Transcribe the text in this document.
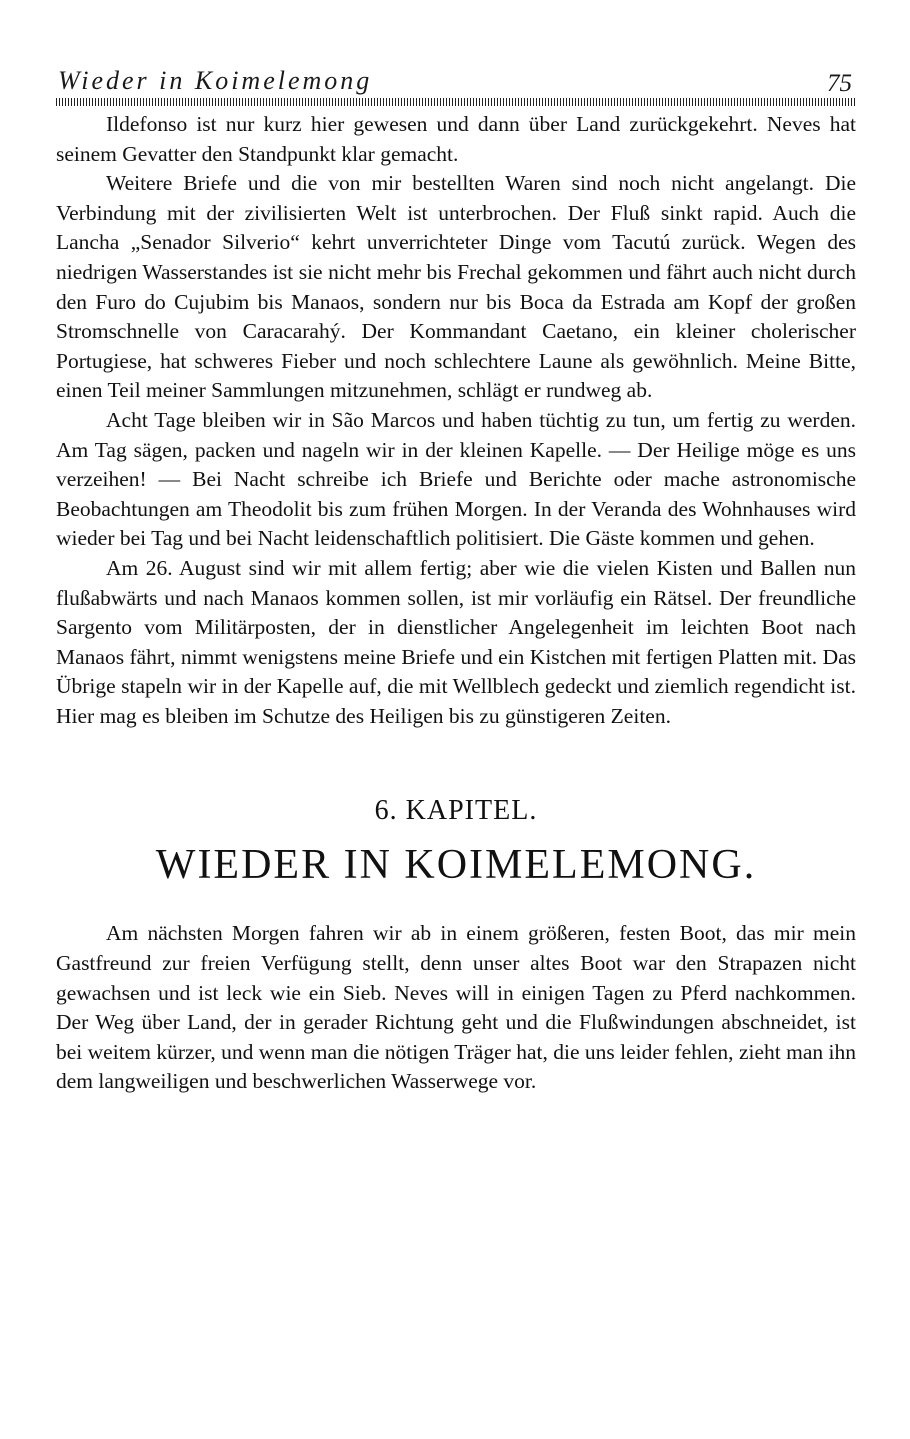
Wieder in Koimelemong	75

Ildefonso ist nur kurz hier gewesen und dann über Land zurückgekehrt. Neves hat seinem Gevatter den Standpunkt klar gemacht.

Weitere Briefe und die von mir bestellten Waren sind noch nicht angelangt. Die Verbindung mit der zivilisierten Welt ist unterbrochen. Der Fluß sinkt rapid. Auch die Lancha „Senador Silverio“ kehrt unverrichteter Dinge vom Tacutú zurück. Wegen des niedrigen Wasserstandes ist sie nicht mehr bis Frechal gekommen und fährt auch nicht durch den Furo do Cujubim bis Manaos, sondern nur bis Boca da Estrada am Kopf der großen Stromschnelle von Caracarahý. Der Kommandant Caetano, ein kleiner cholerischer Portugiese, hat schweres Fieber und noch schlechtere Laune als gewöhnlich. Meine Bitte, einen Teil meiner Sammlungen mitzunehmen, schlägt er rundweg ab.

Acht Tage bleiben wir in São Marcos und haben tüchtig zu tun, um fertig zu werden. Am Tag sägen, packen und nageln wir in der kleinen Kapelle. — Der Heilige möge es uns verzeihen! — Bei Nacht schreibe ich Briefe und Berichte oder mache astronomische Beobachtungen am Theodolit bis zum frühen Morgen. In der Veranda des Wohnhauses wird wieder bei Tag und bei Nacht leidenschaftlich politisiert. Die Gäste kommen und gehen.

Am 26. August sind wir mit allem fertig; aber wie die vielen Kisten und Ballen nun flußabwärts und nach Manaos kommen sollen, ist mir vorläufig ein Rätsel. Der freundliche Sargento vom Militärposten, der in dienstlicher Angelegenheit im leichten Boot nach Manaos fährt, nimmt wenigstens meine Briefe und ein Kistchen mit fertigen Platten mit. Das Übrige stapeln wir in der Kapelle auf, die mit Wellblech gedeckt und ziemlich regendicht ist. Hier mag es bleiben im Schutze des Heiligen bis zu günstigeren Zeiten.

6. KAPITEL.
WIEDER IN KOIMELEMONG.

Am nächsten Morgen fahren wir ab in einem größeren, festen Boot, das mir mein Gastfreund zur freien Verfügung stellt, denn unser altes Boot war den Strapazen nicht gewachsen und ist leck wie ein Sieb. Neves will in einigen Tagen zu Pferd nachkommen. Der Weg über Land, der in gerader Richtung geht und die Flußwindungen abschneidet, ist bei weitem kürzer, und wenn man die nötigen Träger hat, die uns leider fehlen, zieht man ihn dem langweiligen und beschwerlichen Wasserwege vor.
